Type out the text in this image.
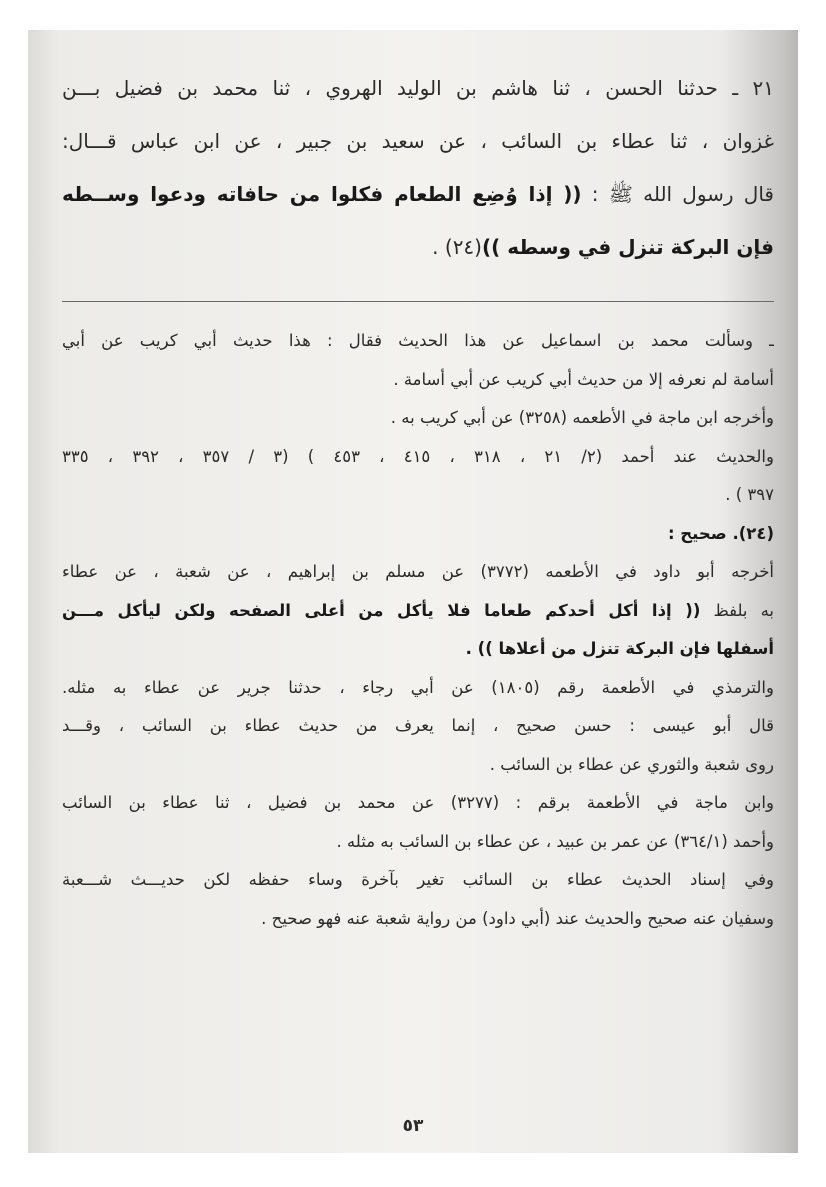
٢١ ـ حدثنا الحسن ، ثنا هاشم بن الوليد الهروي ، ثنا محمد بن فضيل بـــن
غزوان ، ثنا عطاء بن السائب ، عن سعيد بن جبير ، عن ابن عباس قـــال:
قال رسول الله ﷺ : (( إذا وُضِع الطعام فكلوا من حافاته ودعوا وســطه
فإن البركة تنزل في وسطه ))(٢٤) .
ـ وسألت محمد بن اسماعيل عن هذا الحديث فقال : هذا حديث أبي كريب عن أبي
أسامة لم نعرفه إلا من حديث أبي كريب عن أبي أسامة .
وأخرجه ابن ماجة في الأطعمه (٣٢٥٨) عن أبي كريب به .
والحديث عند أحمد (٢/ ٢١ ، ٣١٨ ، ٤١٥ ، ٤٥٣ ) (٣ / ٣٥٧ ، ٣٩٢ ، ٣٣٥
٣٩٧ ) .
(٢٤). صحيح :
أخرجه أبو داود في الأطعمه (٣٧٧٢) عن مسلم بن إبراهيم ، عن شعبة ، عن عطاء
به بلفظ (( إذا أكل أحدكم طعاما فلا يأكل من أعلى الصفحه ولكن ليأكل مـــن
أسفلها فإن البركة تنزل من أعلاها )) .
والترمذي في الأطعمة رقم (١٨٠٥) عن أبي رجاء ، حدثنا جرير عن عطاء به مثله.
قال أبو عيسى : حسن صحيح ، إنما يعرف من حديث عطاء بن السائب ، وقـــد
روى شعبة والثوري عن عطاء بن السائب .
وابن ماجة في الأطعمة برقم : (٣٢٧٧) عن محمد بن فضيل ، ثنا عطاء بن السائب
وأحمد (٣٦٤/١) عن عمر بن عبيد ، عن عطاء بن السائب به مثله .
وفي إسناد الحديث عطاء بن السائب تغير بآخرة وساء حفظه لكن حديـــث شـــعبة
وسفيان عنه صحيح والحديث عند (أبي داود) من رواية شعبة عنه فهو صحيح .
٥٣
